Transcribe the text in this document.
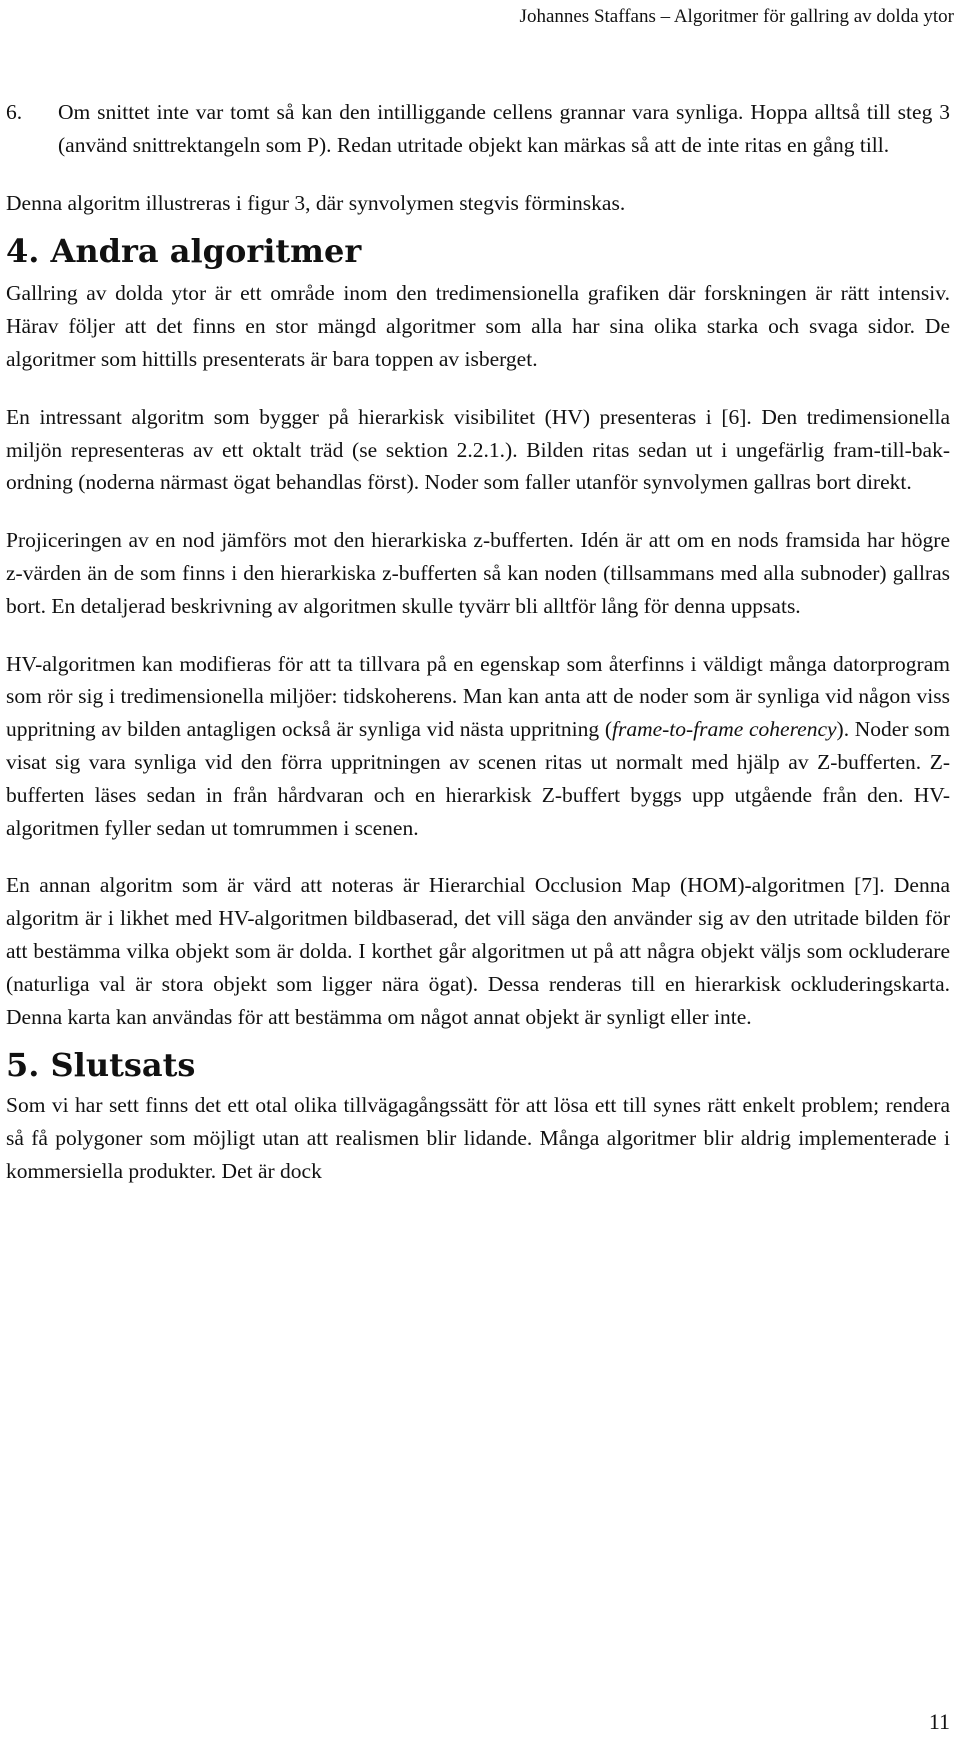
Johannes Staffans – Algoritmer för gallring av dolda ytor

6. Om snittet inte var tomt så kan den intilliggande cellens grannar vara synliga. Hoppa alltså till steg 3 (använd snittrektangeln som P). Redan utritade objekt kan märkas så att de inte ritas en gång till.

Denna algoritm illustreras i figur 3, där synvolymen stegvis förminskas.

4. Andra algoritmer

Gallring av dolda ytor är ett område inom den tredimensionella grafiken där forskningen är rätt intensiv. Härav följer att det finns en stor mängd algoritmer som alla har sina olika starka och svaga sidor. De algoritmer som hittills presenterats är bara toppen av isberget.

En intressant algoritm som bygger på hierarkisk visibilitet (HV) presenteras i [6]. Den tredimensionella miljön representeras av ett oktalt träd (se sektion 2.2.1.). Bilden ritas sedan ut i ungefärlig fram-till-bak-ordning (noderna närmast ögat behandlas först). Noder som faller utanför synvolymen gallras bort direkt.

Projiceringen av en nod jämförs mot den hierarkiska z-bufferten. Idén är att om en nods framsida har högre z-värden än de som finns i den hierarkiska z-bufferten så kan noden (tillsammans med alla subnoder) gallras bort. En detaljerad beskrivning av algoritmen skulle tyvärr bli alltför lång för denna uppsats.

HV-algoritmen kan modifieras för att ta tillvara på en egenskap som återfinns i väldigt många datorprogram som rör sig i tredimensionella miljöer: tidskoherens. Man kan anta att de noder som är synliga vid någon viss uppritning av bilden antagligen också är synliga vid nästa uppritning (frame-to-frame coherency). Noder som visat sig vara synliga vid den förra uppritningen av scenen ritas ut normalt med hjälp av Z-bufferten. Z-bufferten läses sedan in från hårdvaran och en hierarkisk Z-buffert byggs upp utgående från den. HV-algoritmen fyller sedan ut tomrummen i scenen.

En annan algoritm som är värd att noteras är Hierarchial Occlusion Map (HOM)-algoritmen [7]. Denna algoritm är i likhet med HV-algoritmen bildbaserad, det vill säga den använder sig av den utritade bilden för att bestämma vilka objekt som är dolda. I korthet går algoritmen ut på att några objekt väljs som ockluderare (naturliga val är stora objekt som ligger nära ögat). Dessa renderas till en hierarkisk ockluderingskarta. Denna karta kan användas för att bestämma om något annat objekt är synligt eller inte.

5. Slutsats

Som vi har sett finns det ett otal olika tillvägagångssätt för att lösa ett till synes rätt enkelt problem; rendera så få polygoner som möjligt utan att realismen blir lidande. Många algoritmer blir aldrig implementerade i kommersiella produkter. Det är dock

11
